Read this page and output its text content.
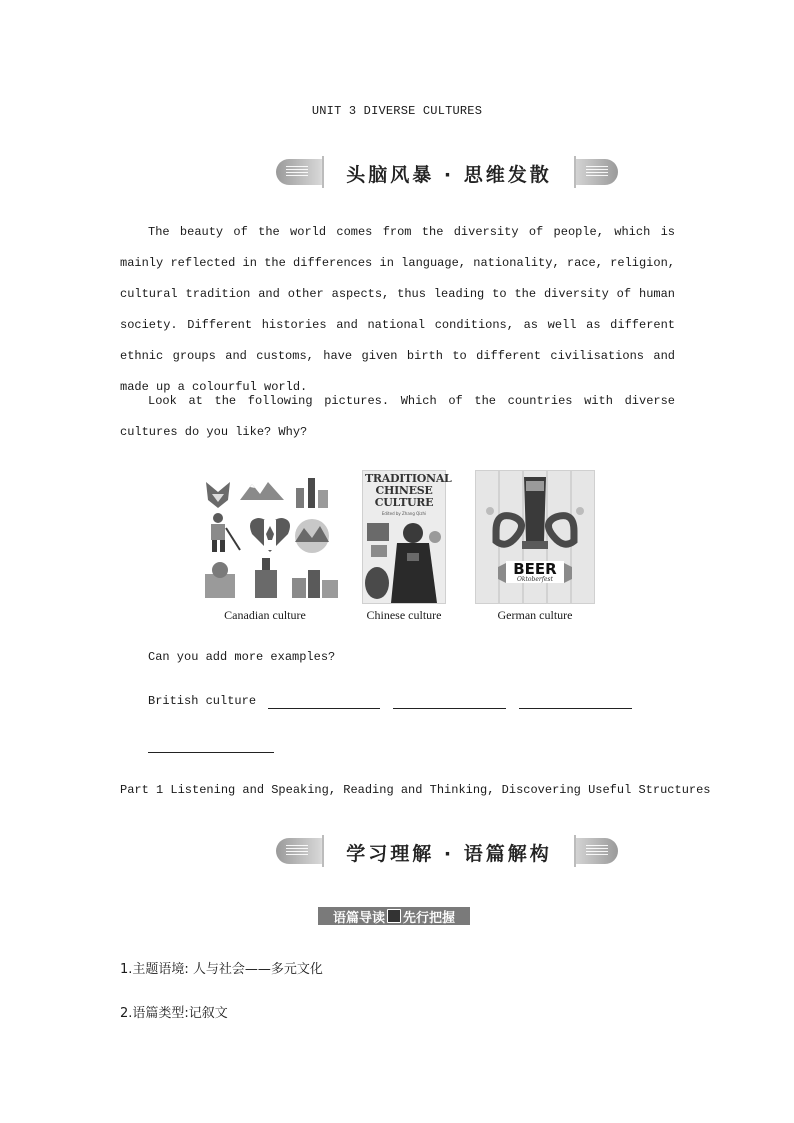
UNIT 3 DIVERSE CULTURES
头脑风暴 · 思维发散
The beauty of the world comes from the diversity of people, which is mainly reflected in the differences in language, nationality, race, religion, cultural tradition and other aspects, thus leading to the diversity of human society. Different histories and national conditions, as well as different ethnic groups and customs, have given birth to different civilisations and made up a colourful world.
Look at the following pictures. Which of the countries with diverse cultures do you like? Why?
Canadian culture
TRADITIONAL CHINESE CULTURE
Edited by Zhang Qizhi
Chinese culture
BEER
Oktoberfest
German culture
Can you add more examples?
British culture
Part 1 Listening and Speaking, Reading and Thinking, Discovering Useful Structures
学习理解 · 语篇解构
语篇导读 先行把握
1.主题语境: 人与社会——多元文化
2.语篇类型:记叙文
